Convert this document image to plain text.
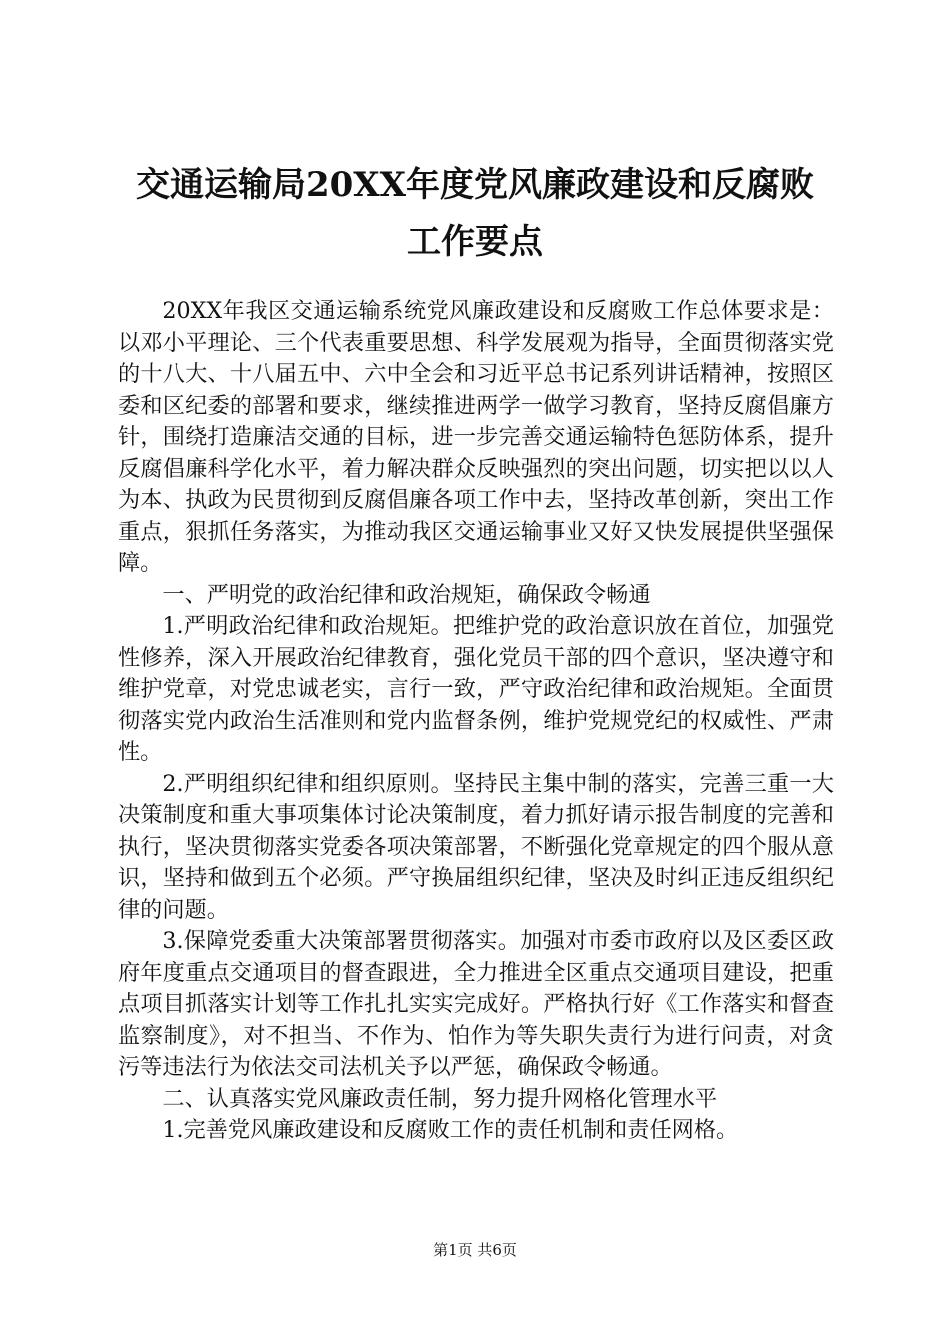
交通运输局20XX年度党风廉政建设和反腐败
工作要点

20XX年我区交通运输系统党风廉政建设和反腐败工作总体要求是：以邓小平理论、三个代表重要思想、科学发展观为指导，全面贯彻落实党的十八大、十八届五中、六中全会和习近平总书记系列讲话精神，按照区委和区纪委的部署和要求，继续推进两学一做学习教育，坚持反腐倡廉方针，围绕打造廉洁交通的目标，进一步完善交通运输特色惩防体系，提升反腐倡廉科学化水平，着力解决群众反映强烈的突出问题，切实把以以人为本、执政为民贯彻到反腐倡廉各项工作中去，坚持改革创新，突出工作重点，狠抓任务落实，为推动我区交通运输事业又好又快发展提供坚强保障。

一、严明党的政治纪律和政治规矩，确保政令畅通

1.严明政治纪律和政治规矩。把维护党的政治意识放在首位，加强党性修养，深入开展政治纪律教育，强化党员干部的四个意识，坚决遵守和维护党章，对党忠诚老实，言行一致，严守政治纪律和政治规矩。全面贯彻落实党内政治生活准则和党内监督条例，维护党规党纪的权威性、严肃性。

2.严明组织纪律和组织原则。坚持民主集中制的落实，完善三重一大决策制度和重大事项集体讨论决策制度，着力抓好请示报告制度的完善和执行，坚决贯彻落实党委各项决策部署，不断强化党章规定的四个服从意识，坚持和做到五个必须。严守换届组织纪律，坚决及时纠正违反组织纪律的问题。

3.保障党委重大决策部署贯彻落实。加强对市委市政府以及区委区政府年度重点交通项目的督查跟进，全力推进全区重点交通项目建设，把重点项目抓落实计划等工作扎扎实实完成好。严格执行好《工作落实和督查监察制度》，对不担当、不作为、怕作为等失职失责行为进行问责，对贪污等违法行为依法交司法机关予以严惩，确保政令畅通。

二、认真落实党风廉政责任制，努力提升网格化管理水平

1.完善党风廉政建设和反腐败工作的责任机制和责任网格。

第1页 共6页
